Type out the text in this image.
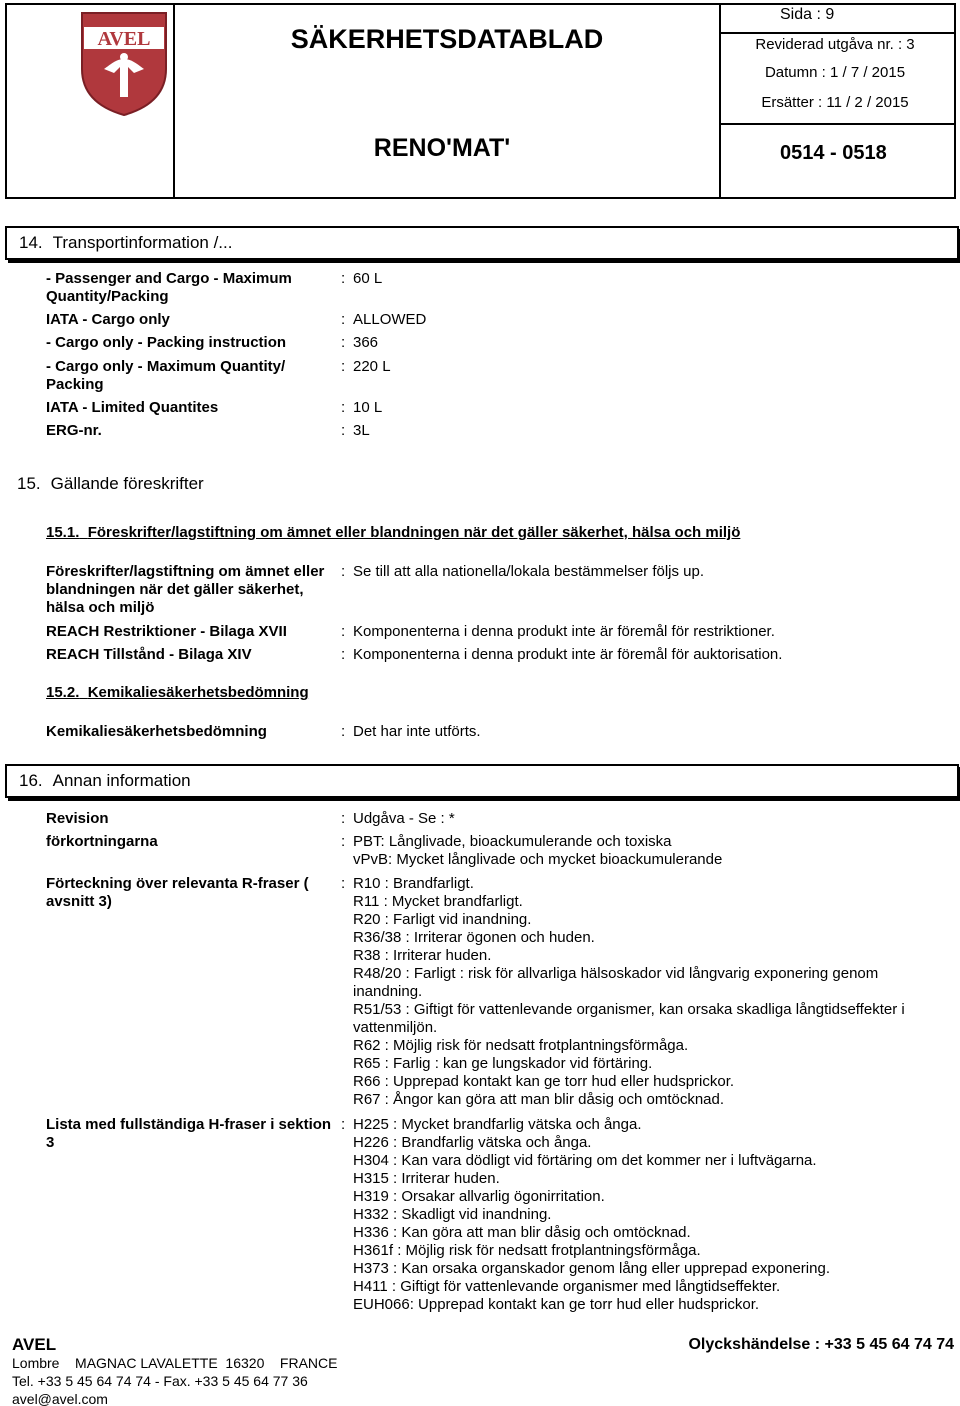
AVEL	SÄKERHETSDATABLAD
RENO'MAT'
Sida : 9
Reviderad utgåva nr. : 3
Datumn : 1 / 7 / 2015
Ersätter : 11 / 2 / 2015
0514 - 0518
14. Transportinformation /...
- Passenger and Cargo - Maximum Quantity/Packing
: 60 L
IATA - Cargo only	: ALLOWED
- Cargo only - Packing instruction	: 366
- Cargo only - Maximum Quantity/ Packing
: 220 L
IATA - Limited Quantites	: 10 L
ERG-nr.	: 3L
15. Gällande föreskrifter
15.1. Föreskrifter/lagstiftning om ämnet eller blandningen när det gäller säkerhet, hälsa och miljö
Föreskrifter/lagstiftning om ämnet eller blandningen när det gäller säkerhet, hälsa och miljö
: Se till att alla nationella/lokala bestämmelser följs up.
REACH Restriktioner - Bilaga XVII	: Komponenterna i denna produkt inte är föremål för restriktioner.
REACH Tillstånd - Bilaga XIV	: Komponenterna i denna produkt inte är föremål för auktorisation.
15.2. Kemikaliesäkerhetsbedömning
Kemikaliesäkerhetsbedömning	: Det har inte utförts.
16. Annan information
Revision	: Udgåva - Se : *
förkortningarna	: PBT: Långlivade, bioackumulerande och toxiska
vPvB: Mycket långlivade och mycket bioackumulerande
Förteckning över relevanta R-fraser ( avsnitt 3)
: R10 : Brandfarligt.
R11 : Mycket brandfarligt.
R20 : Farligt vid inandning.
R36/38 : Irriterar ögonen och huden.
R38 : Irriterar huden.
R48/20 : Farligt : risk för allvarliga hälsoskador vid långvarig exponering genom
inandning.
R51/53 : Giftigt för vattenlevande organismer, kan orsaka skadliga långtidseffekter i
vattenmiljön.
R62 : Möjlig risk för nedsatt frotplantningsförmåga.
R65 : Farlig : kan ge lungskador vid förtäring.
R66 : Upprepad kontakt kan ge torr hud eller hudsprickor.
R67 : Ångor kan göra att man blir dåsig och omtöcknad.
Lista med fullständiga H-fraser i sektion 3
: H225 : Mycket brandfarlig vätska och ånga.
H226 : Brandfarlig vätska och ånga.
H304 : Kan vara dödligt vid förtäring om det kommer ner i luftvägarna.
H315 : Irriterar huden.
H319 : Orsakar allvarlig ögonirritation.
H332 : Skadligt vid inandning.
H336 : Kan göra att man blir dåsig och omtöcknad.
H361f : Möjlig risk för nedsatt frotplantningsförmåga.
H373 : Kan orsaka organskador genom lång eller upprepad exponering.
H411 : Giftigt för vattenlevande organismer med långtidseffekter.
EUH066: Upprepad kontakt kan ge torr hud eller hudsprickor.
AVEL	Olyckshändelse : +33 5 45 64 74 74
Lombre    MAGNAC LAVALETTE  16320    FRANCE
Tel. +33 5 45 64 74 74 - Fax. +33 5 45 64 77 36
avel@avel.com
